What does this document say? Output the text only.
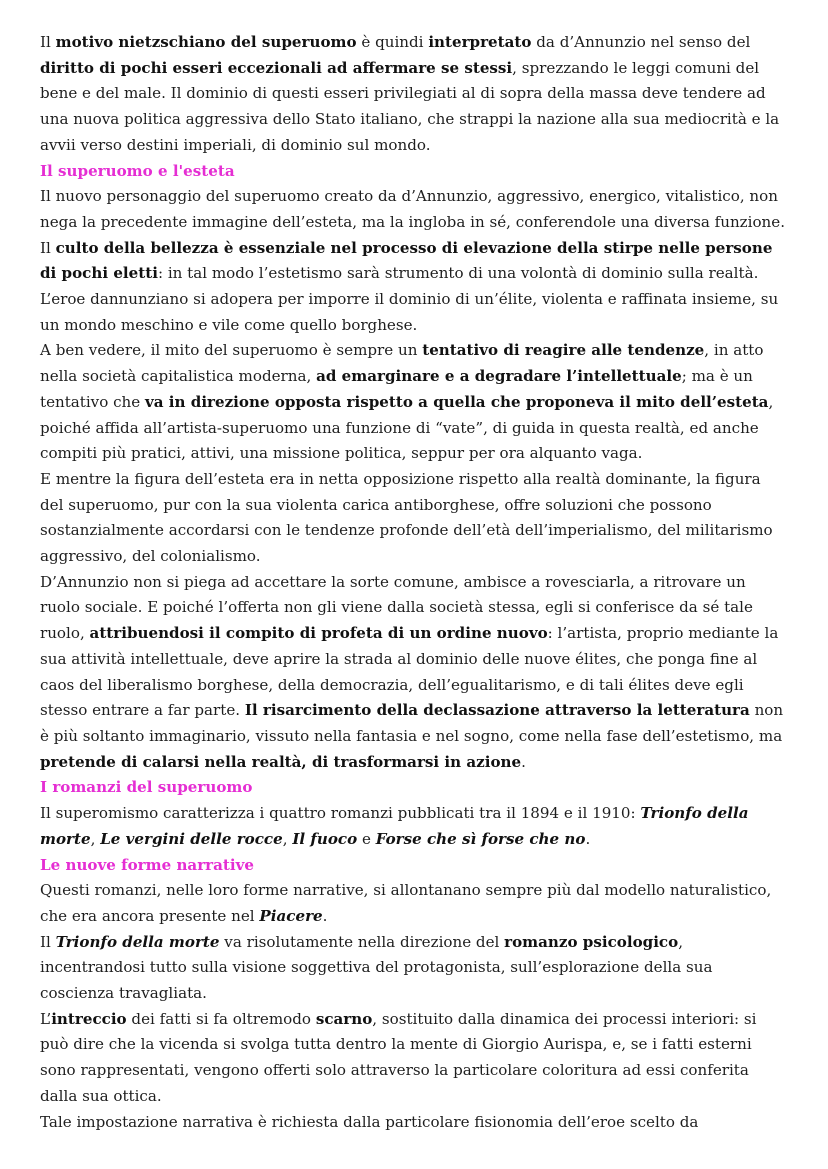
Il motivo nietzschiano del superuomo è quindi interpretato da d’Annunzio nel senso del diritto di pochi esseri eccezionali ad affermare se stessi, sprezzando le leggi comuni del bene e del male. Il dominio di questi esseri privilegiati al di sopra della massa deve tendere ad una nuova politica aggressiva dello Stato italiano, che strappi la nazione alla sua mediocrità e la avvii verso destini imperiali, di dominio sul mondo.

Il superuomo e l'esteta

Il nuovo personaggio del superuomo creato da d’Annunzio, aggressivo, energico, vitalistico, non nega la precedente immagine dell’esteta, ma la ingloba in sé, conferendole una diversa funzione. Il culto della bellezza è essenziale nel processo di elevazione della stirpe nelle persone di pochi eletti: in tal modo l’estetismo sarà strumento di una volontà di dominio sulla realtà. L’eroe dannunziano si adopera per imporre il dominio di un’élite, violenta e raffinata insieme, su un mondo meschino e vile come quello borghese.

A ben vedere, il mito del superuomo è sempre un tentativo di reagire alle tendenze, in atto nella società capitalistica moderna, ad emarginare e a degradare l’intellettuale; ma è un tentativo che va in direzione opposta rispetto a quella che proponeva il mito dell’esteta, poiché affida all’artista-superuomo una funzione di “vate”, di guida in questa realtà, ed anche compiti più pratici, attivi, una missione politica, seppur per ora alquanto vaga.

E mentre la figura dell’esteta era in netta opposizione rispetto alla realtà dominante, la figura del superuomo, pur con la sua violenta carica antiborghese, offre soluzioni che possono sostanzialmente accordarsi con le tendenze profonde dell’età dell’imperialismo, del militarismo aggressivo, del colonialismo.

D’Annunzio non si piega ad accettare la sorte comune, ambisce a rovesciarla, a ritrovare un ruolo sociale. E poiché l’offerta non gli viene dalla società stessa, egli si conferisce da sé tale ruolo, attribuendosi il compito di profeta di un ordine nuovo: l’artista, proprio mediante la sua attività intellettuale, deve aprire la strada al dominio delle nuove élites, che ponga fine al caos del liberalismo borghese, della democrazia, dell’egualitarismo, e di tali élites deve egli stesso entrare a far parte. Il risarcimento della declassazione attraverso la letteratura non è più soltanto immaginario, vissuto nella fantasia e nel sogno, come nella fase dell’estetismo, ma pretende di calarsi nella realtà, di trasformarsi in azione.

I romanzi del superuomo

Il superomismo caratterizza i quattro romanzi pubblicati tra il 1894 e il 1910: Trionfo della morte, Le vergini delle rocce, Il fuoco e Forse che sì forse che no.

Le nuove forme narrative

Questi romanzi, nelle loro forme narrative, si allontanano sempre più dal modello naturalistico, che era ancora presente nel Piacere.

Il Trionfo della morte va risolutamente nella direzione del romanzo psicologico, incentrandosi tutto sulla visione soggettiva del protagonista, sull’esplorazione della sua coscienza travagliata.

L’intreccio dei fatti si fa oltremodo scarno, sostituito dalla dinamica dei processi interiori: si può dire che la vicenda si svolga tutta dentro la mente di Giorgio Aurispa, e, se i fatti esterni sono rappresentati, vengono offerti solo attraverso la particolare coloritura ad essi conferita dalla sua ottica.

Tale impostazione narrativa è richiesta dalla particolare fisionomia dell’eroe scelto da
